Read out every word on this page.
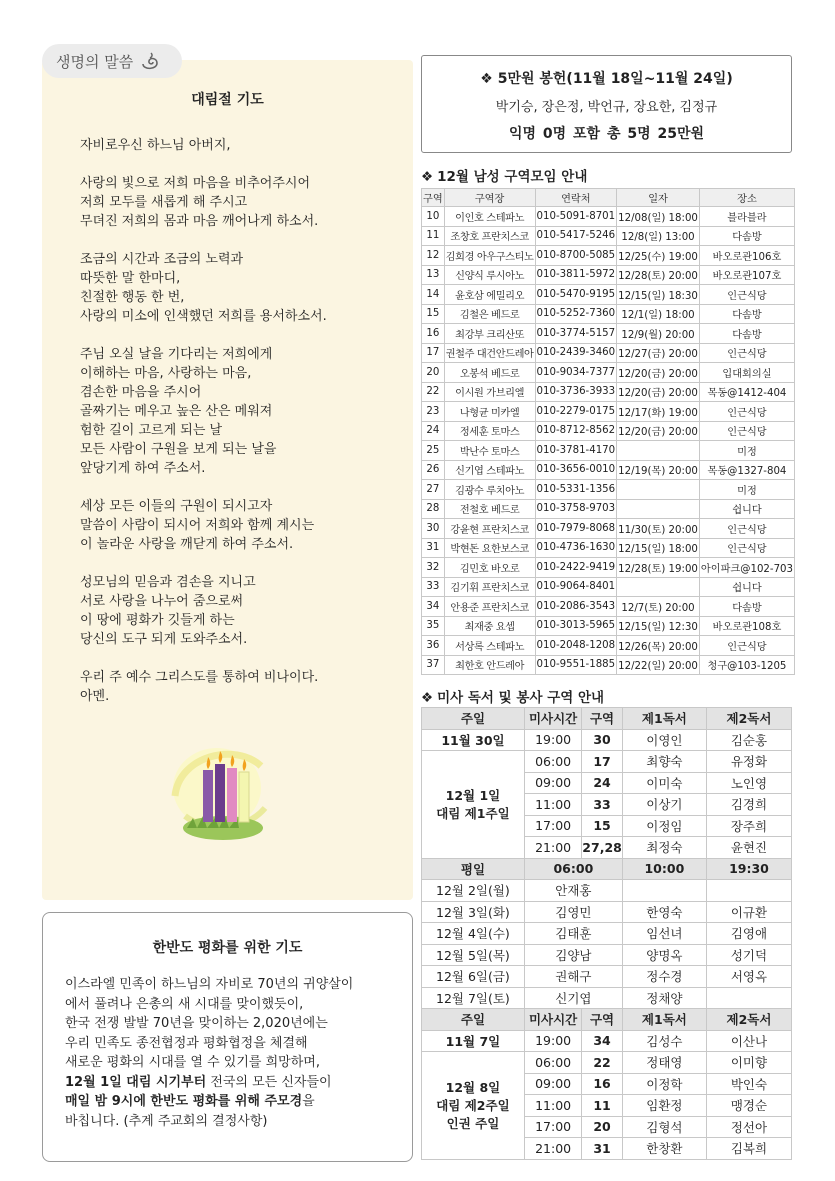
생명의 말씀
대림절 기도
자비로우신 하느님 아버지,
사랑의 빛으로 저희 마음을 비추어주시어
저희 모두를 새롭게 해 주시고
무뎌진 저희의 몸과 마음 깨어나게 하소서.
조금의 시간과 조금의 노력과
따뜻한 말 한마디,
친절한 행동 한 번,
사랑의 미소에 인색했던 저희를 용서하소서.
주님 오실 날을 기다리는 저희에게
이해하는 마음, 사랑하는 마음,
겸손한 마음을 주시어
골짜기는 메우고 높은 산은 메워져
험한 길이 고르게 되는 날
모든 사람이 구원을 보게 되는 날을
앞당기게 하여 주소서.
세상 모든 이들의 구원이 되시고자
말씀이 사람이 되시어 저희와 함께 계시는
이 놀라운 사랑을 깨닫게 하여 주소서.
성모님의 믿음과 겸손을 지니고
서로 사랑을 나누어 줌으로써
이 땅에 평화가 깃들게 하는
당신의 도구 되게 도와주소서.
우리 주 예수 그리스도를 통하여 비나이다.
아멘.
한반도 평화를 위한 기도
이스라엘 민족이 하느님의 자비로 70년의 귀양살이
에서 풀려나 은총의 새 시대를 맞이했듯이,
한국 전쟁 발발 70년을 맞이하는 2,020년에는
우리 민족도 종전협정과 평화협정을 체결해
새로운 평화의 시대를 열 수 있기를 희망하며,
12월 1일 대림 시기부터 전국의 모든 신자들이
매일 밤 9시에 한반도 평화를 위해 주모경을
바칩니다. (추계 주교회의 결정사항)
❖ 5만원 봉헌(11월 18일~11월 24일)
박기승, 장은정, 박언규, 장요한, 김정규
익명 0명 포함 총 5명 25만원
❖ 12월 남성 구역모임 안내
구역	구역장	연락처	일자	장소
10	이인호 스테파노	010-5091-8701	12/08(일) 18:00	블라블라
11	조창호 프란치스코	010-5417-5246	12/8(일) 13:00	다솜방
12	김희경 아우구스티노	010-8700-5085	12/25(수) 19:00	바오로관106호
13	신양식 루시아노	010-3811-5972	12/28(토) 20:00	바오로관107호
14	윤호삼 에밀리오	010-5470-9195	12/15(일) 18:30	인근식당
15	김철은 베드로	010-5252-7360	12/1(일) 18:00	다솜방
16	최강부 크리산또	010-3774-5157	12/9(월) 20:00	다솜방
17	권철주 대건안드레아	010-2439-3460	12/27(금) 20:00	인근식당
20	오봉석 베드로	010-9034-7377	12/20(금) 20:00	입대회의실
22	이시원 가브리엘	010-3736-3933	12/20(금) 20:00	목동@1412-404
23	나형균 미카엘	010-2279-0175	12/17(화) 19:00	인근식당
24	정세훈 토마스	010-8712-8562	12/20(금) 20:00	인근식당
25	박난수 토마스	010-3781-4170		미정
26	신기엽 스테파노	010-3656-0010	12/19(목) 20:00	목동@1327-804
27	김광수 루치아노	010-5331-1356		미정
28	전철호 베드로	010-3758-9703		쉽니다
30	강윤현 프란치스코	010-7979-8068	11/30(토) 20:00	인근식당
31	박현돈 요한보스코	010-4736-1630	12/15(일) 18:00	인근식당
32	김민호 바오로	010-2422-9419	12/28(토) 19:00	아이파크@102-703
33	김기휘 프란치스코	010-9064-8401		쉽니다
34	안용준 프란치스코	010-2086-3543	12/7(토) 20:00	다솜방
35	최재중 요셉	010-3013-5965	12/15(일) 12:30	바오로관108호
36	서상록 스테파노	010-2048-1208	12/26(목) 20:00	인근식당
37	최한호 안드레아	010-9551-1885	12/22(일) 20:00	청구@103-1205
❖ 미사 독서 및 봉사 구역 안내
주일	미사시간	구역	제1독서	제2독서
11월 30일	19:00	30	이영인	김순홍
12월 1일
대림 제1주일	06:00	17	최향숙	유정화
	09:00	24	이미숙	노인영
	11:00	33	이상기	김경희
	17:00	15	이정임	장주희
	21:00	27,28	최정숙	윤현진
평일	06:00		10:00	19:30
12월 2일(월)	안재홍			
12월 3일(화)	김영민		한영숙	이규환
12월 4일(수)	김태훈		임선녀	김영애
12월 5일(목)	김양남		양명옥	성기덕
12월 6일(금)	권해구		정수경	서영옥
12월 7일(토)	신기엽		정채양	
주일	미사시간	구역	제1독서	제2독서
11월 7일	19:00	34	김성수	이산나
12월 8일
대림 제2주일
인권 주일	06:00	22	정태영	이미향
	09:00	16	이정학	박인숙
	11:00	11	임환정	맹경순
	17:00	20	김형석	정선아
	21:00	31	한창환	김복희
